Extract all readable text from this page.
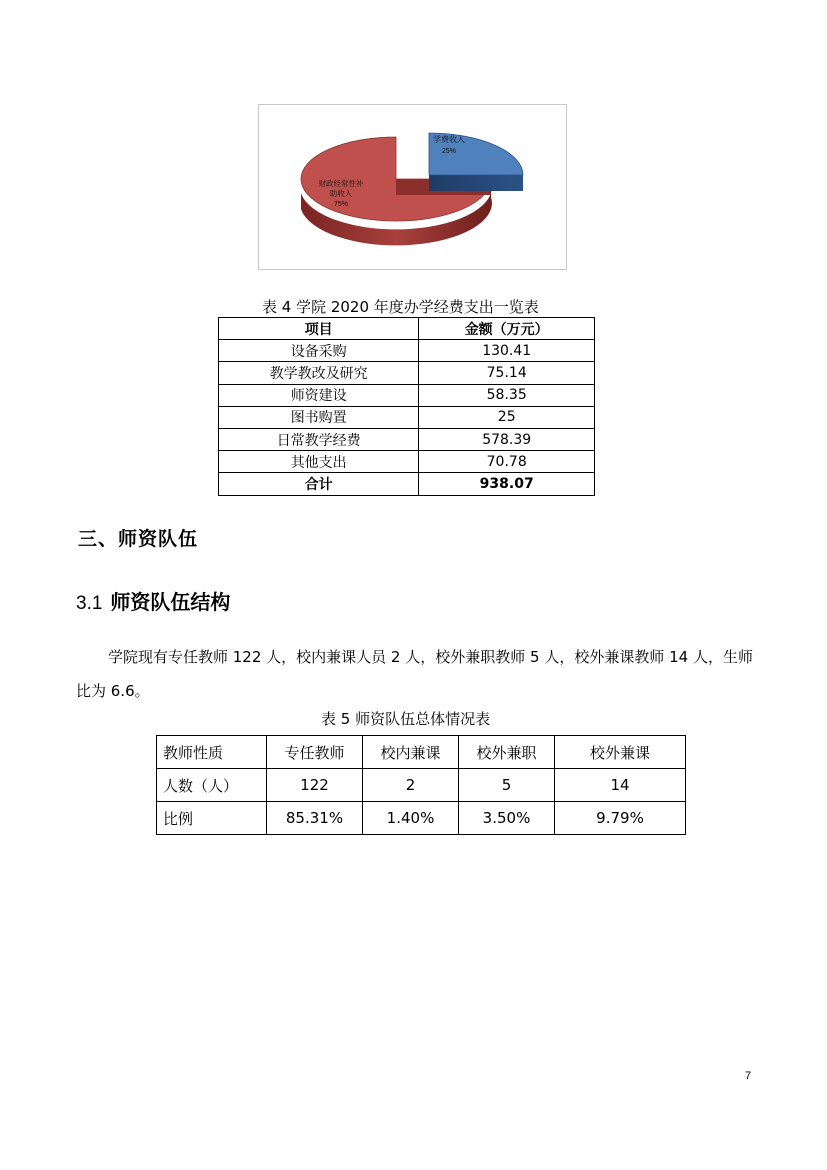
学费收入
25%
财政经常性补
助收入
75%
表 4 学院 2020 年度办学经费支出一览表
项目	金额（万元）
设备采购	130.41
教学教改及研究	75.14
师资建设	58.35
图书购置	25
日常教学经费	578.39
其他支出	70.78
合计	938.07
三、师资队伍
3.1 师资队伍结构
学院现有专任教师 122 人，校内兼课人员 2 人，校外兼职教师 5 人，校外兼课教师 14 人，生师比为 6.6。
表 5 师资队伍总体情况表
教师性质	专任教师	校内兼课	校外兼职	校外兼课
人数（人）	122	2	5	14
比例	85.31%	1.40%	3.50%	9.79%
7
